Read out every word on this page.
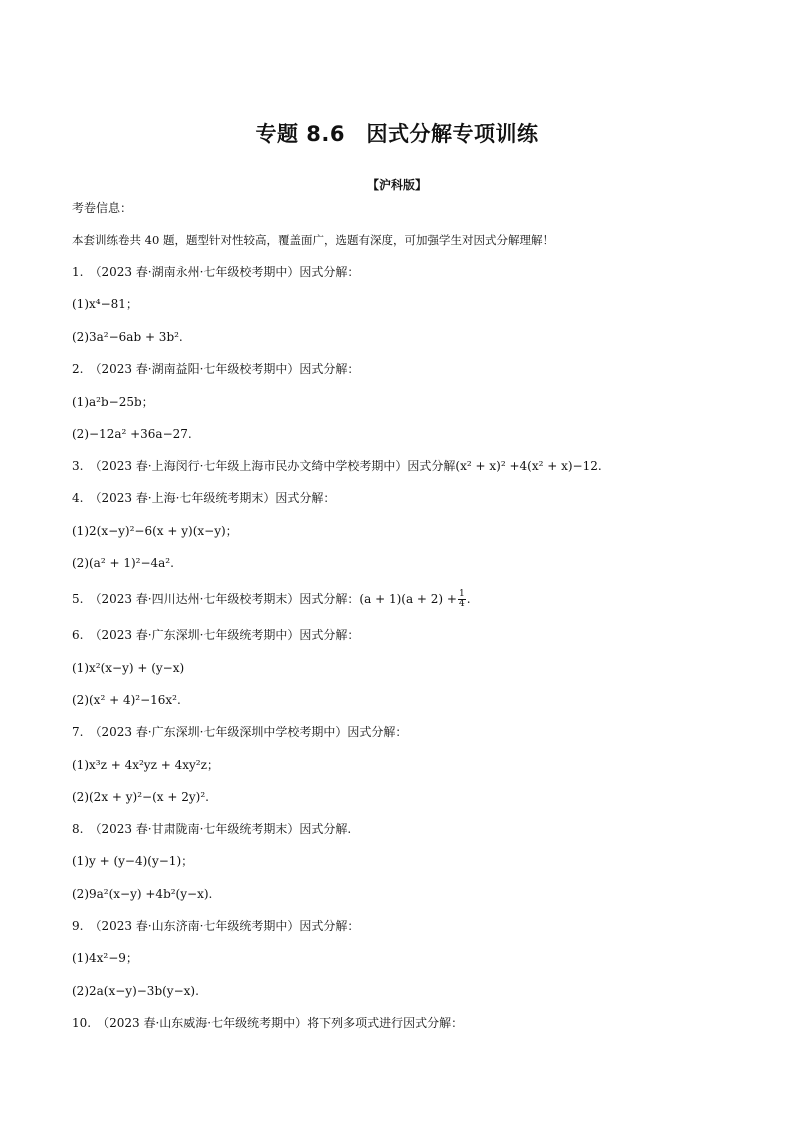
专题 8.6　因式分解专项训练
【沪科版】
考卷信息：
本套训练卷共 40 题，题型针对性较高，覆盖面广，选题有深度，可加强学生对因式分解理解！
1.　（2023 春·湖南永州·七年级校考期中）因式分解：
(1)x⁴−81；
(2)3a²−6ab + 3b².
2.　（2023 春·湖南益阳·七年级校考期中）因式分解：
(1)a²b−25b；
(2)−12a² +36a−27.
3.　（2023 春·上海闵行·七年级上海市民办文绮中学校考期中）因式分解(x² + x)² +4(x² + x)−12.
4.　（2023 春·上海·七年级统考期末）因式分解：
(1)2(x−y)²−6(x + y)(x−y)；
(2)(a² + 1)²−4a².
5.　（2023 春·四川达州·七年级校考期末）因式分解：$(a + 1)(a + 2) + \frac{1}{4}$ .
6.　（2023 春·广东深圳·七年级统考期中）因式分解：
(1)x²(x−y) + (y−x)
(2)(x² + 4)²−16x².
7.　（2023 春·广东深圳·七年级深圳中学校考期中）因式分解：
(1)x³z + 4x²yz + 4xy²z；
(2)(2x + y)²−(x + 2y)².
8.　（2023 春·甘肃陇南·七年级统考期末）因式分解.
(1)y + (y−4)(y−1)；
(2)9a²(x−y) +4b²(y−x).
9.　（2023 春·山东济南·七年级统考期中）因式分解：
(1)4x²−9；
(2)2a(x−y)−3b(y−x).
10.　（2023 春·山东威海·七年级统考期中）将下列多项式进行因式分解：
